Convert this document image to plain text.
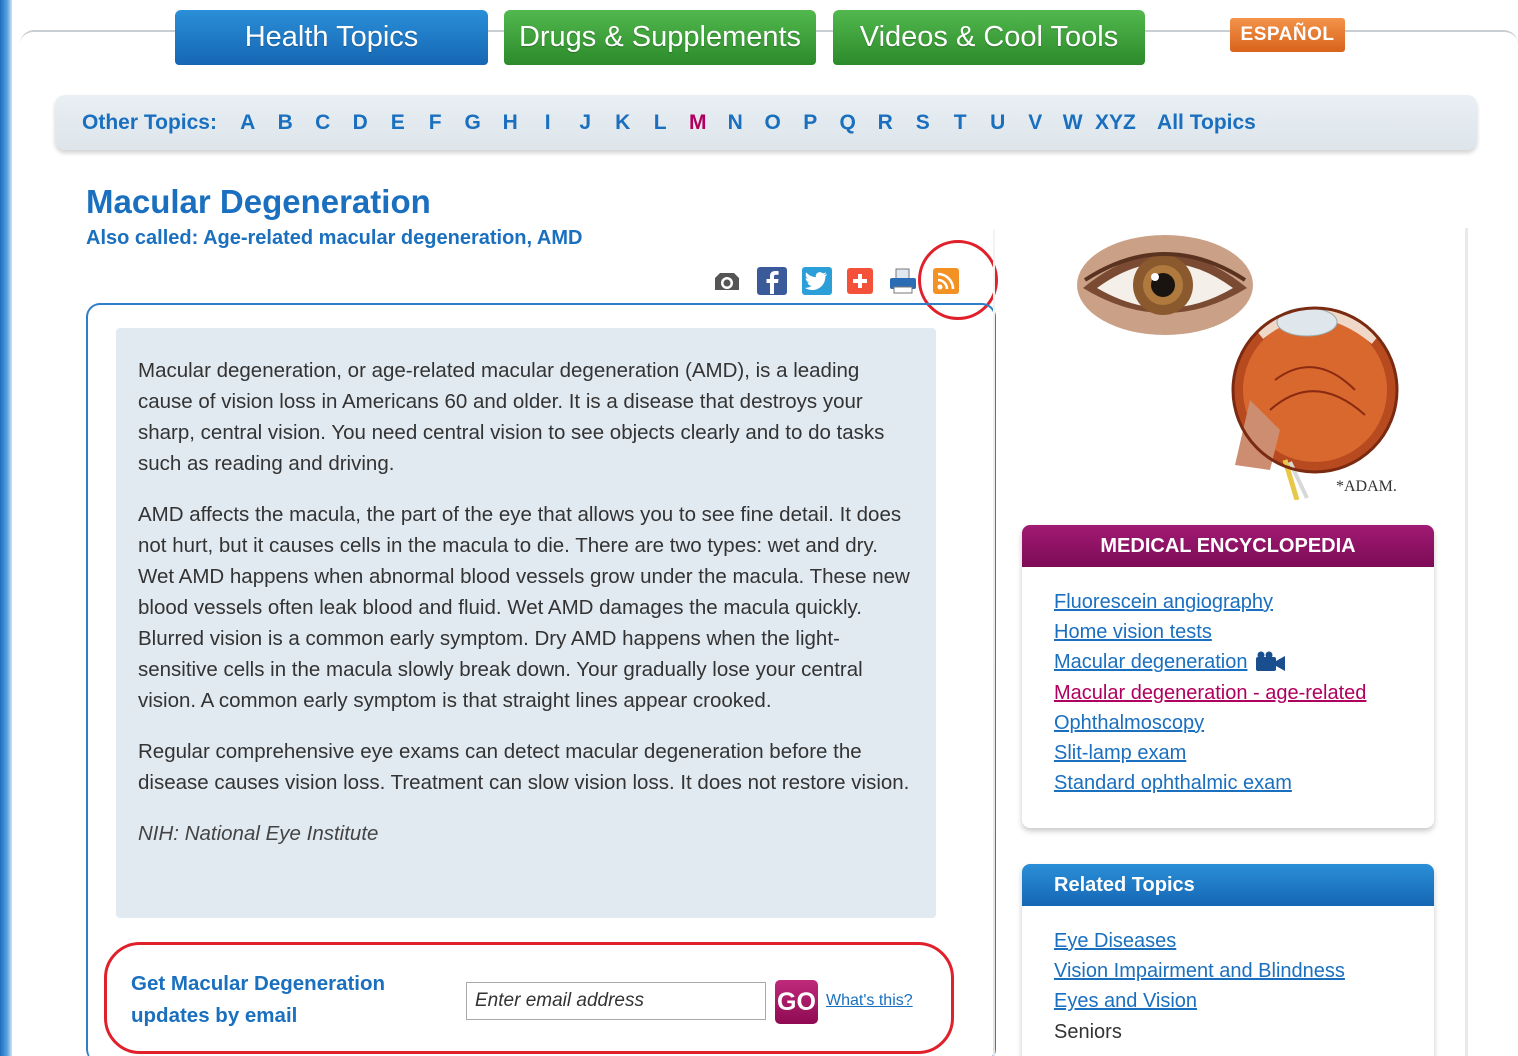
Health Topics	Drugs & Supplements	Videos & Cool Tools	ESPAÑOL
Other Topics:	A	B	C	D	E	F	G	H	I	J	K	L	M	N	O	P	Q	R	S	T	U	V W XYZ All Topics
Macular Degeneration
Also called: Age-related macular degeneration, AMD

Macular degeneration, or age-related macular degeneration (AMD), is a leading cause of vision loss in Americans 60 and older. It is a disease that destroys your sharp, central vision. You need central vision to see objects clearly and to do tasks such as reading and driving.

AMD affects the macula, the part of the eye that allows you to see fine detail. It does not hurt, but it causes cells in the macula to die. There are two types: wet and dry. Wet AMD happens when abnormal blood vessels grow under the macula. These new blood vessels often leak blood and fluid. Wet AMD damages the macula quickly. Blurred vision is a common early symptom. Dry AMD happens when the light-sensitive cells in the macula slowly break down. Your gradually lose your central vision. A common early symptom is that straight lines appear crooked.

Regular comprehensive eye exams can detect macular degeneration before the disease causes vision loss. Treatment can slow vision loss. It does not restore vision.

NIH: National Eye Institute

Get Macular Degeneration updates by email
Enter email address	GO What's this?
*ADAM.
MEDICAL ENCYCLOPEDIA
Fluorescein angiography
Home vision tests
Macular degeneration
Macular degeneration - age-related
Ophthalmoscopy
Slit-lamp exam
Standard ophthalmic exam
Related Topics
Eye Diseases
Vision Impairment and Blindness
Eyes and Vision
Seniors
